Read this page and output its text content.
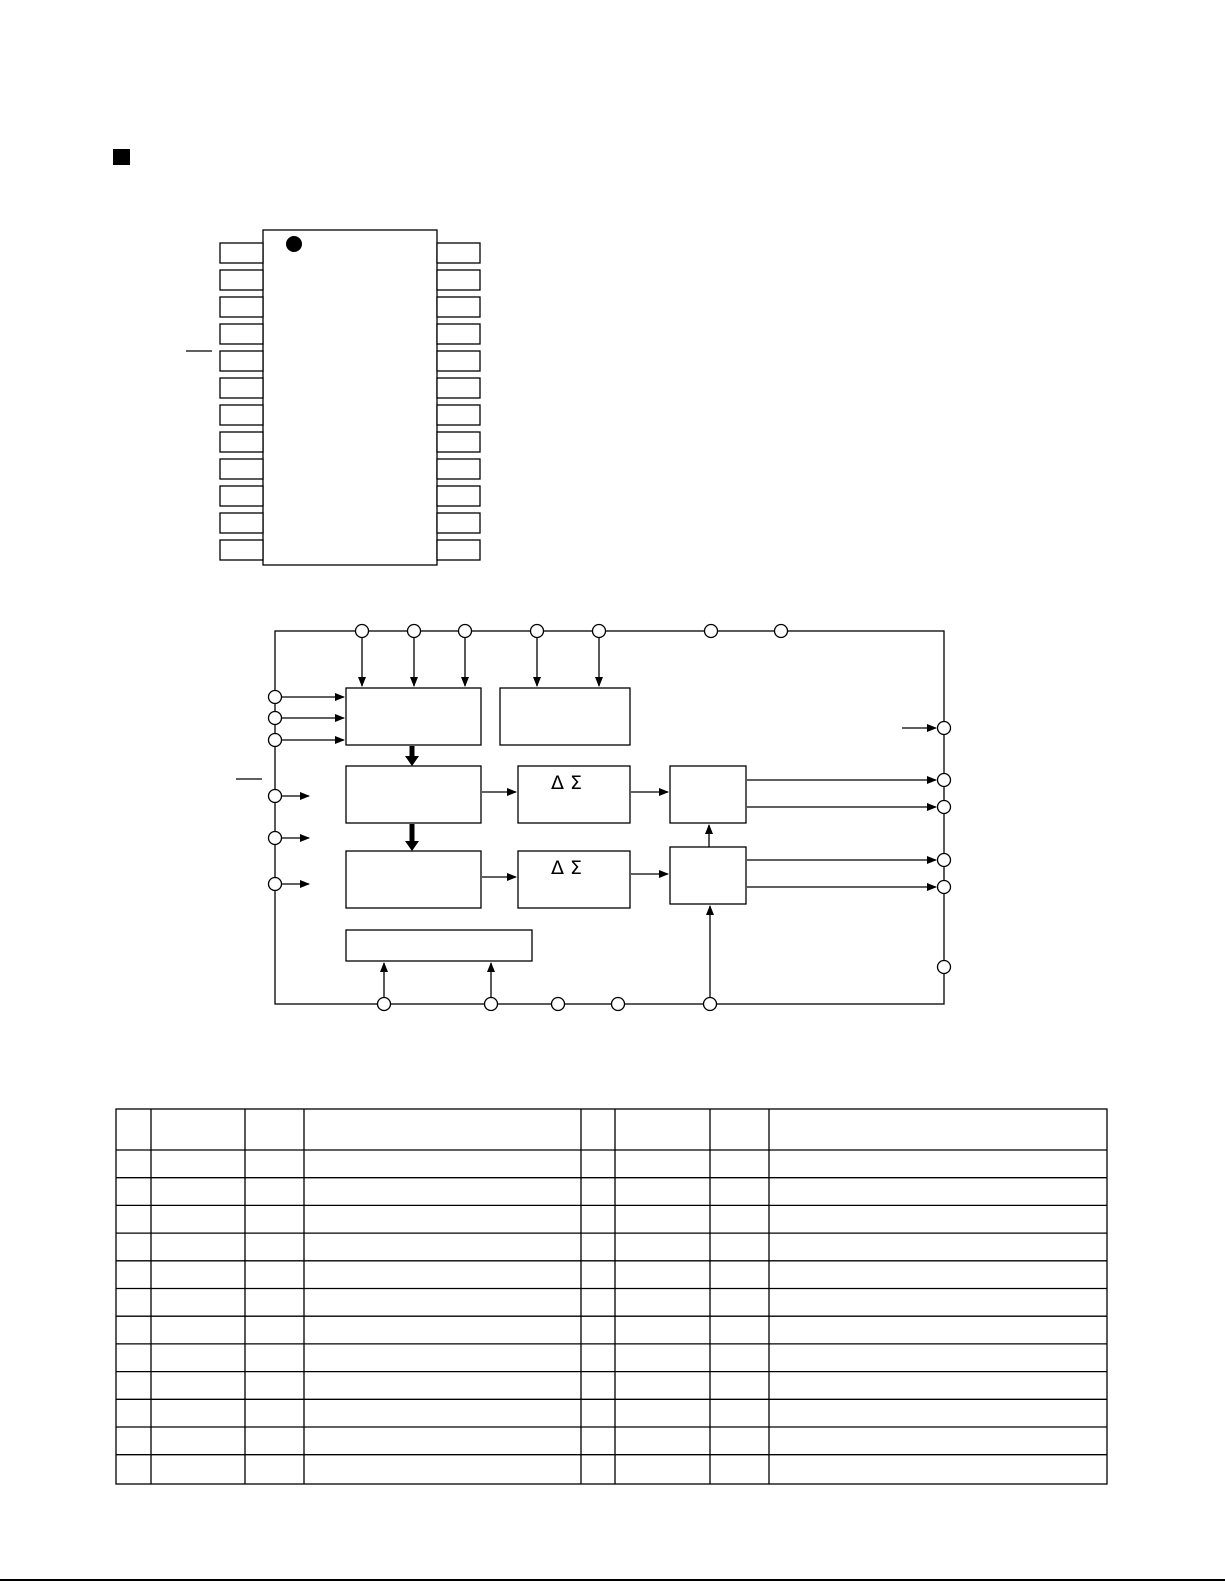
Δ Σ
Δ Σ
